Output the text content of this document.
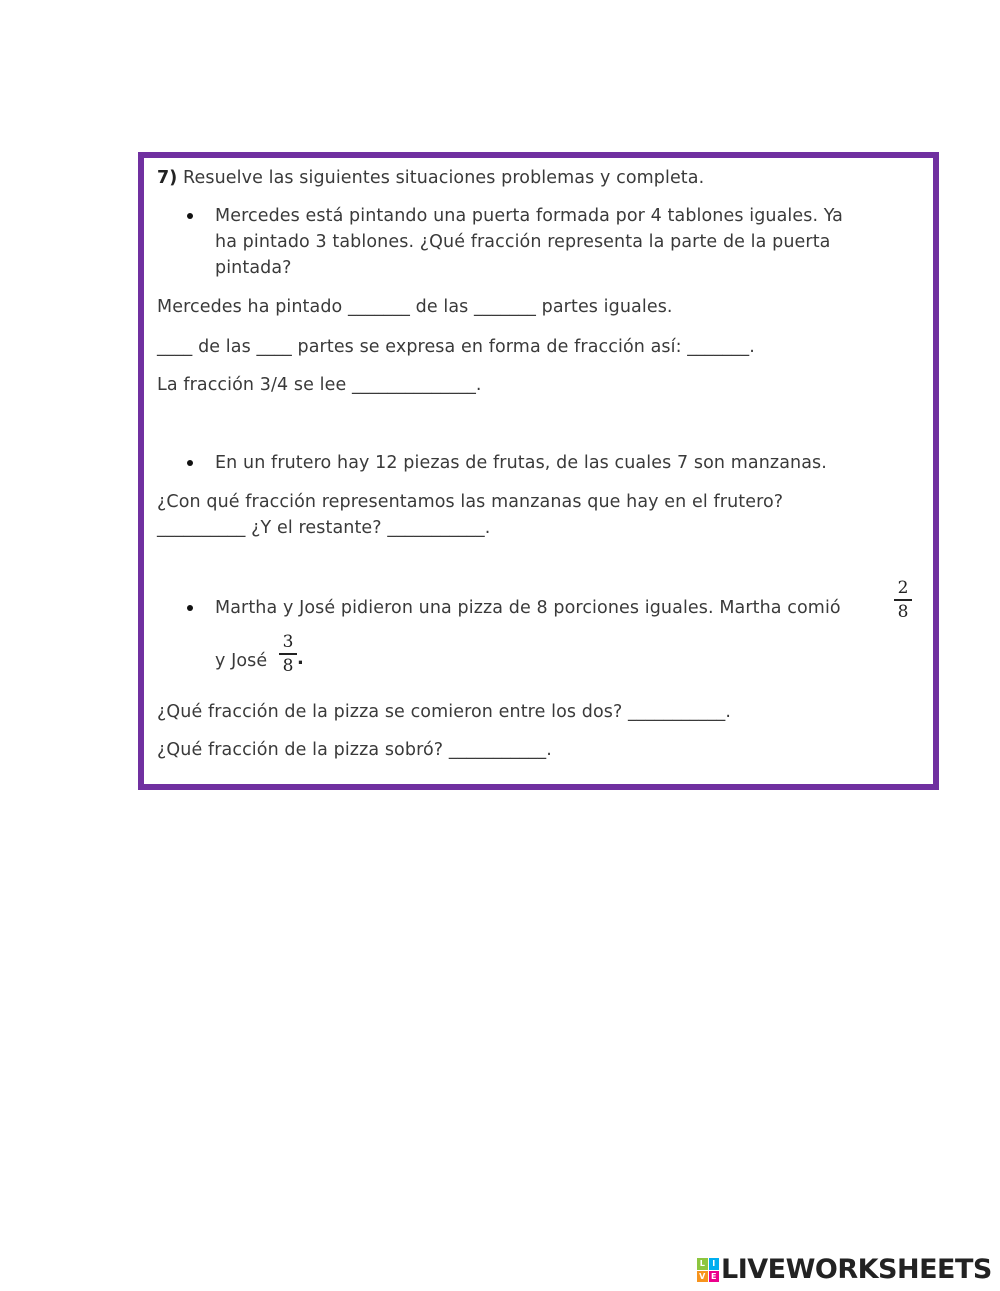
7) Resuelve las siguientes situaciones problemas y completa.
Mercedes está pintando una puerta formada por 4 tablones iguales. Ya
ha pintado 3 tablones. ¿Qué fracción representa la parte de la puerta
pintada?
Mercedes ha pintado _______ de las _______ partes iguales.
____ de las ____ partes se expresa en forma de fracción así: _______.
La fracción 3/4 se lee ______________.
En un frutero hay 12 piezas de frutas, de las cuales 7 son manzanas.
¿Con qué fracción representamos las manzanas que hay en el frutero?
__________ ¿Y el restante? ___________.
Martha y José pidieron una pizza de 8 porciones iguales. Martha comió
2
8
y José
3
8 .
¿Qué fracción de la pizza se comieron entre los dos? ___________.
¿Qué fracción de la pizza sobró? ___________.
L I
V E LIVEWORKSHEETS
